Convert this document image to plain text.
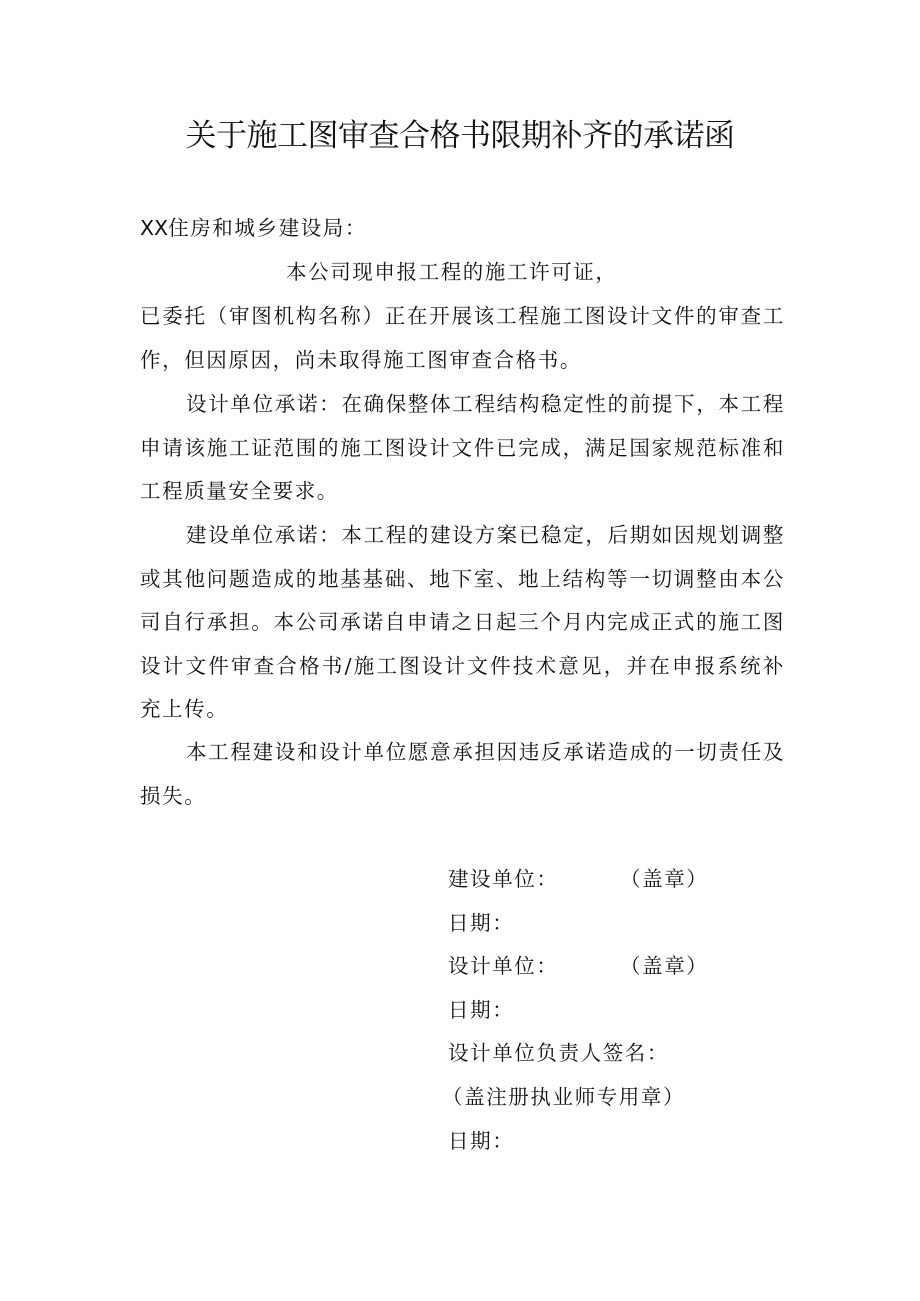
关于施工图审查合格书限期补齐的承诺函
XX住房和城乡建设局：
本公司现申报工程的施工许可证，
已委托（审图机构名称）正在开展该工程施工图设计文件的审查工作，但因原因，尚未取得施工图审查合格书。
设计单位承诺：在确保整体工程结构稳定性的前提下，本工程申请该施工证范围的施工图设计文件已完成，满足国家规范标准和工程质量安全要求。
建设单位承诺：本工程的建设方案已稳定，后期如因规划调整或其他问题造成的地基基础、地下室、地上结构等一切调整由本公司自行承担。本公司承诺自申请之日起三个月内完成正式的施工图设计文件审查合格书/施工图设计文件技术意见，并在申报系统补充上传。
本工程建设和设计单位愿意承担因违反承诺造成的一切责任及损失。
建设单位：	（盖章）
日期：
设计单位：	（盖章）
日期：
设计单位负责人签名：
（盖注册执业师专用章）
日期：
